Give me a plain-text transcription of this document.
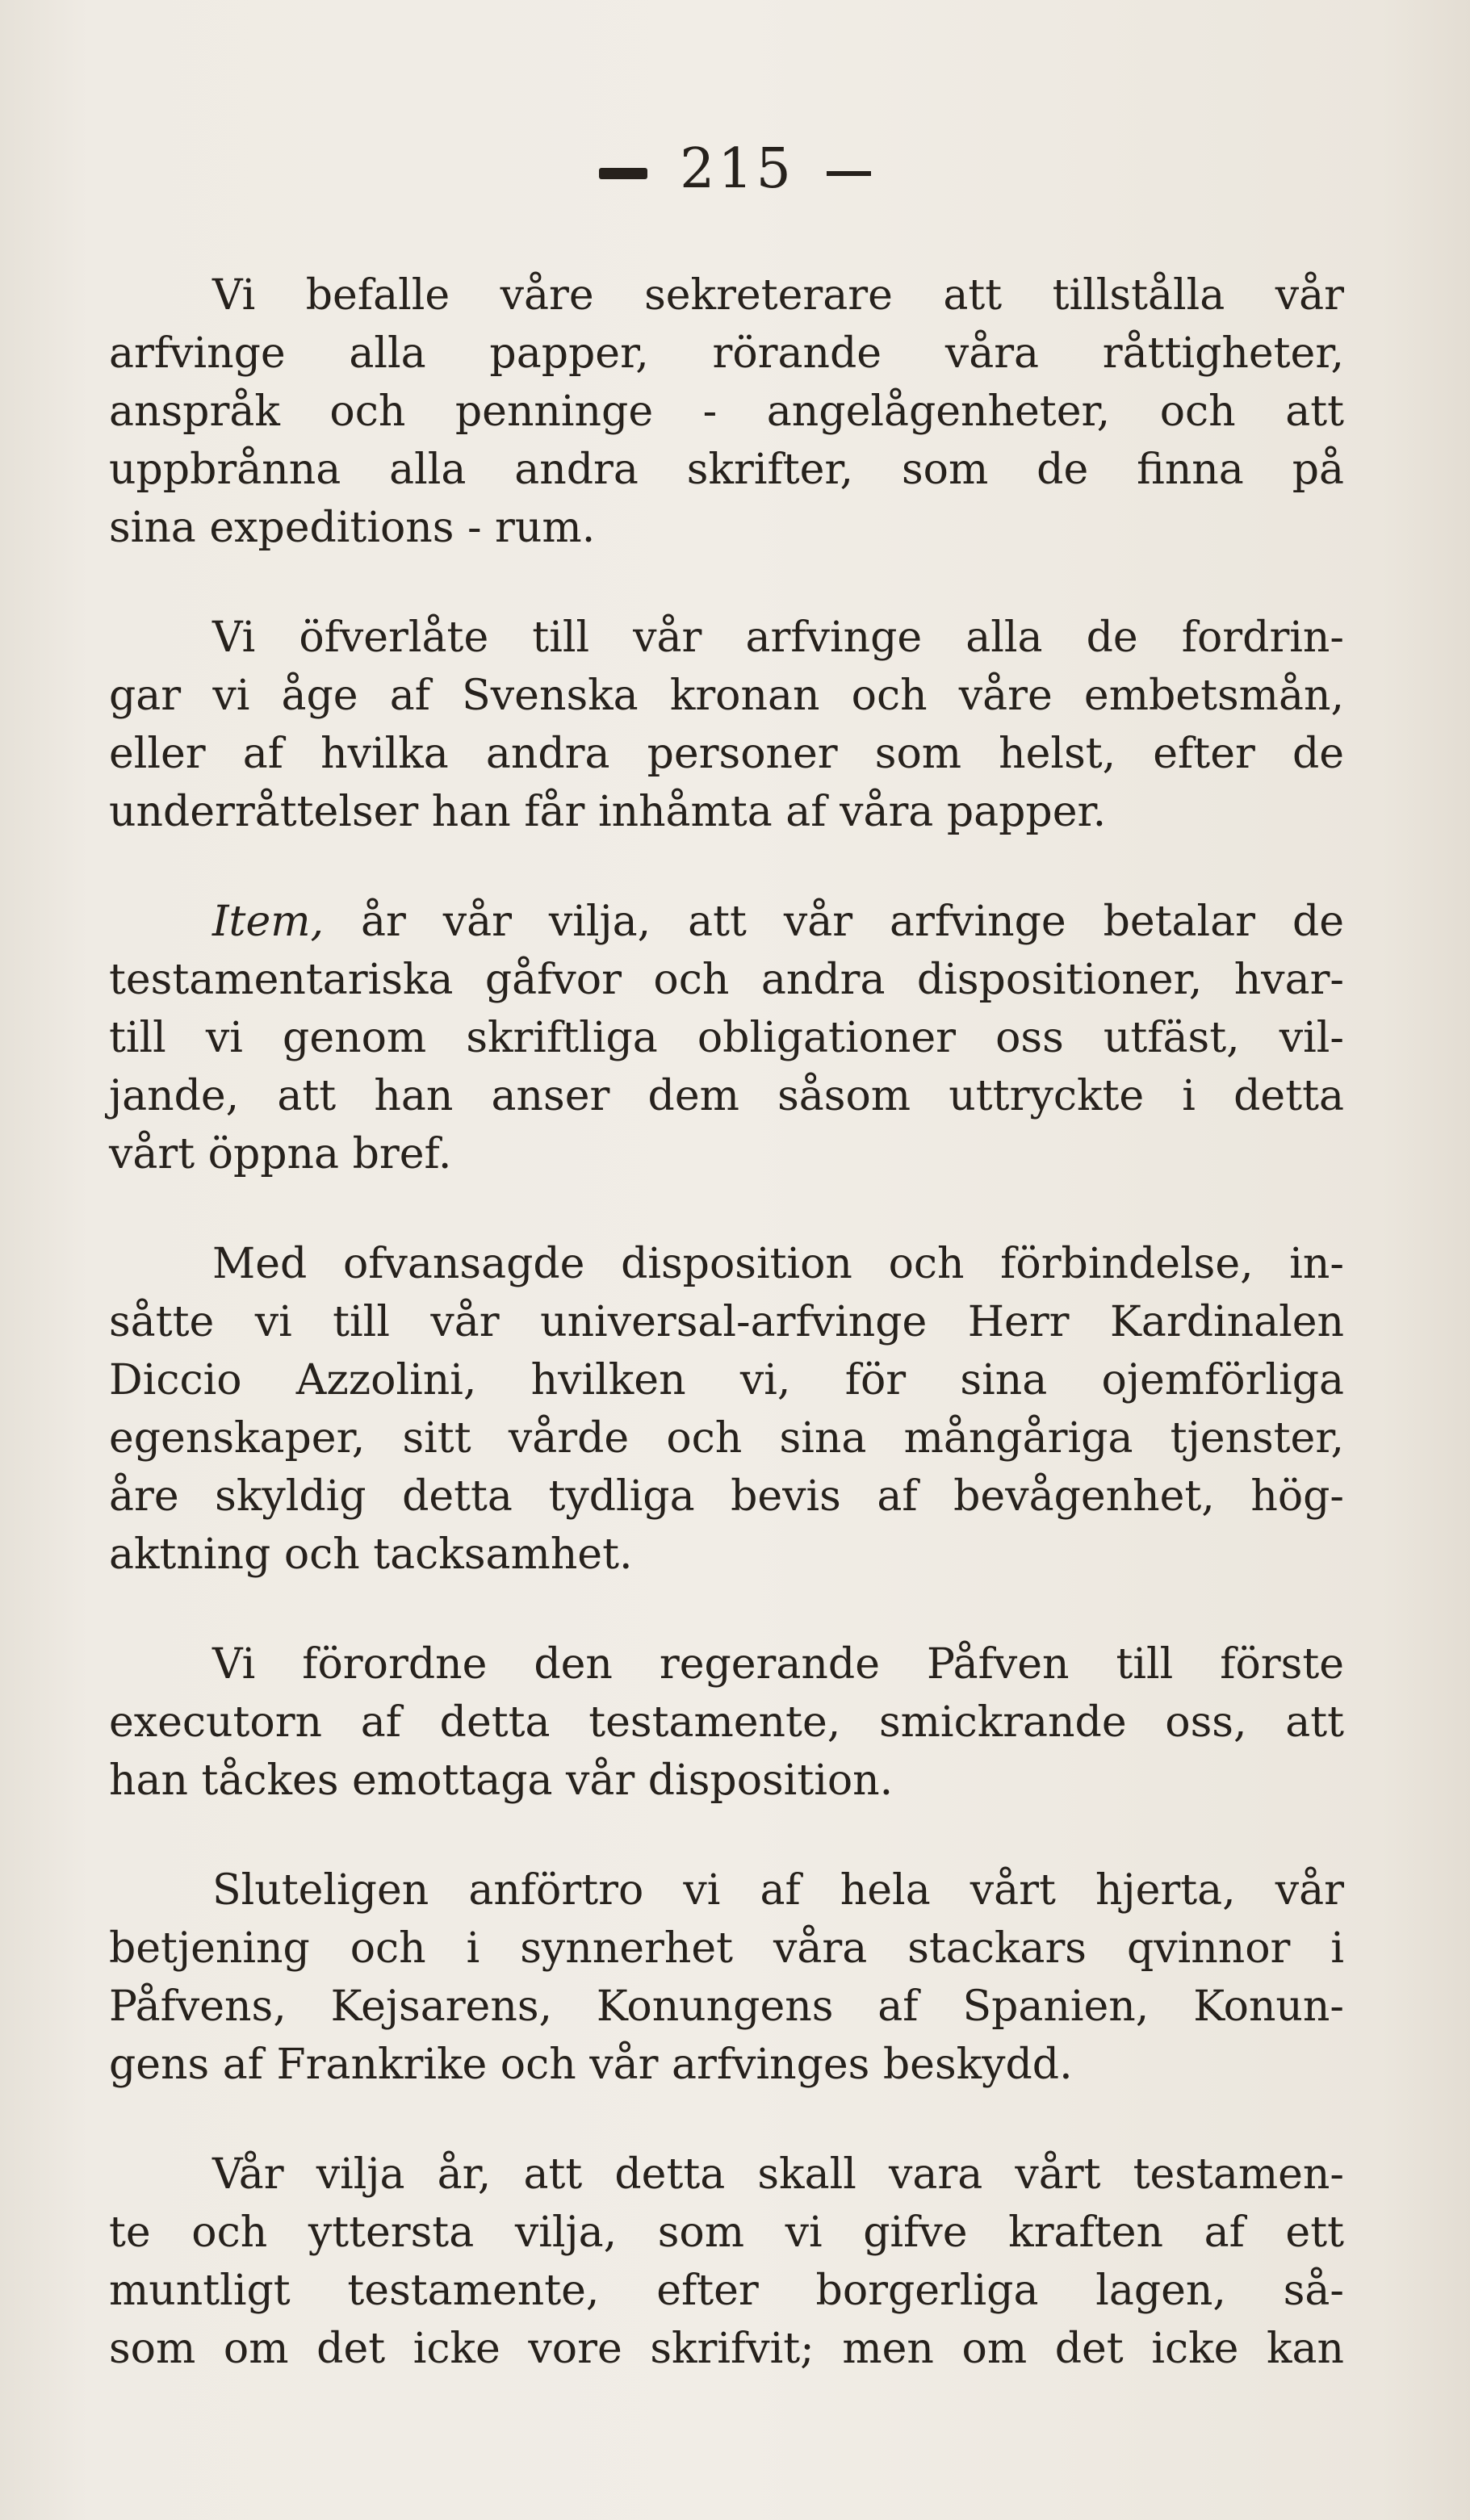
215
Vi befalle våre sekreterare att tillstålla vår
arfvinge alla papper, rörande våra råttigheter,
anspråk och penninge - angelågenheter, och att
uppbrånna alla andra skrifter, som de finna på
sina expeditions - rum.
Vi öfverlåte till vår arfvinge alla de fordrin-
gar vi åge af Svenska kronan och våre embetsmån,
eller af hvilka andra personer som helst, efter de
underråttelser han får inhåmta af våra papper.
Item, år vår vilja, att vår arfvinge betalar de
testamentariska gåfvor och andra dispositioner, hvar-
till vi genom skriftliga obligationer oss utfäst, vil-
jande, att han anser dem såsom uttryckte i detta
vårt öppna bref.
Med ofvansagde disposition och förbindelse, in-
såtte vi till vår universal-arfvinge Herr Kardinalen
Diccio Azzolini, hvilken vi, för sina ojemförliga
egenskaper, sitt vårde och sina mångåriga tjenster,
åre skyldig detta tydliga bevis af bevågenhet, hög-
aktning och tacksamhet.
Vi förordne den regerande Påfven till förste
executorn af detta testamente, smickrande oss, att
han tåckes emottaga vår disposition.
Sluteligen anförtro vi af hela vårt hjerta, vår
betjening och i synnerhet våra stackars qvinnor i
Påfvens, Kejsarens, Konungens af Spanien, Konun-
gens af Frankrike och vår arfvinges beskydd.
Vår vilja år, att detta skall vara vårt testamen-
te och yttersta vilja, som vi gifve kraften af ett
muntligt testamente, efter borgerliga lagen, så-
som om det icke vore skrifvit; men om det icke kan
